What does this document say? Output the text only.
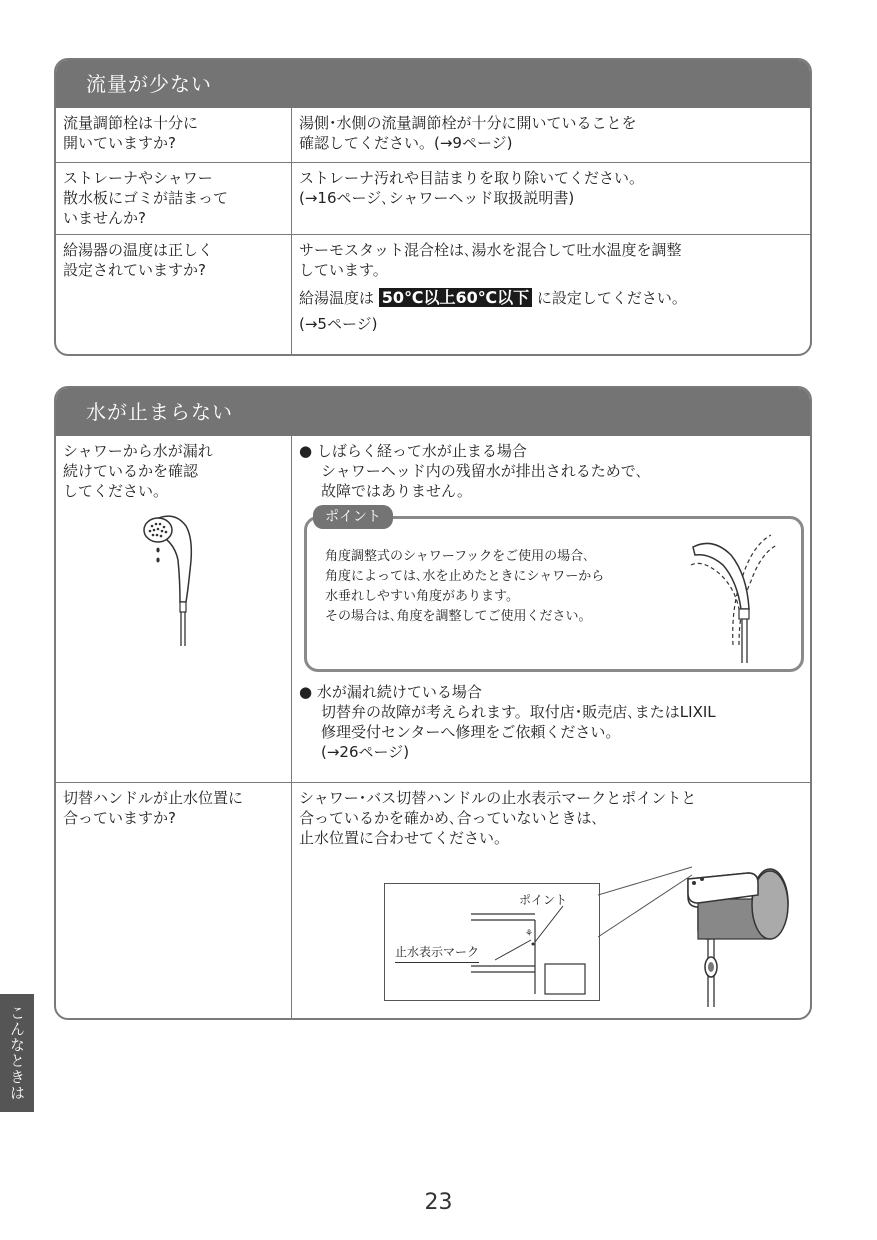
流量が少ない
流量調節栓は十分に
開いていますか?
湯側･水側の流量調節栓が十分に開いていることを
確認してください。(→9ページ)
ストレーナやシャワー
散水板にゴミが詰まって
いませんか?
ストレーナ汚れや目詰まりを取り除いてください。
(→16ページ､シャワーヘッド取扱説明書)
給湯器の温度は正しく
設定されていますか?
サーモスタット混合栓は､湯水を混合して吐水温度を調整
しています。
給湯温度は 50℃以上60℃以下 に設定してください。
(→5ページ)
水が止まらない
シャワーから水が漏れ
続けているかを確認
してください。
● しばらく経って水が止まる場合
シャワーヘッド内の残留水が排出されるためで､
故障ではありません。
ポイント
角度調整式のシャワーフックをご使用の場合､
角度によっては､水を止めたときにシャワーから
水垂れしやすい角度があります。
その場合は､角度を調整してご使用ください。
● 水が漏れ続けている場合
切替弁の故障が考えられます。取付店･販売店､またはLIXIL
修理受付センターへ修理をご依頼ください。
(→26ページ)
切替ハンドルが止水位置に
合っていますか?
シャワー･バス切替ハンドルの止水表示マークとポイントと
合っているかを確かめ､合っていないときは､
止水位置に合わせてください。
⚘
ポイント
止水表示マーク
こんなときは
23
